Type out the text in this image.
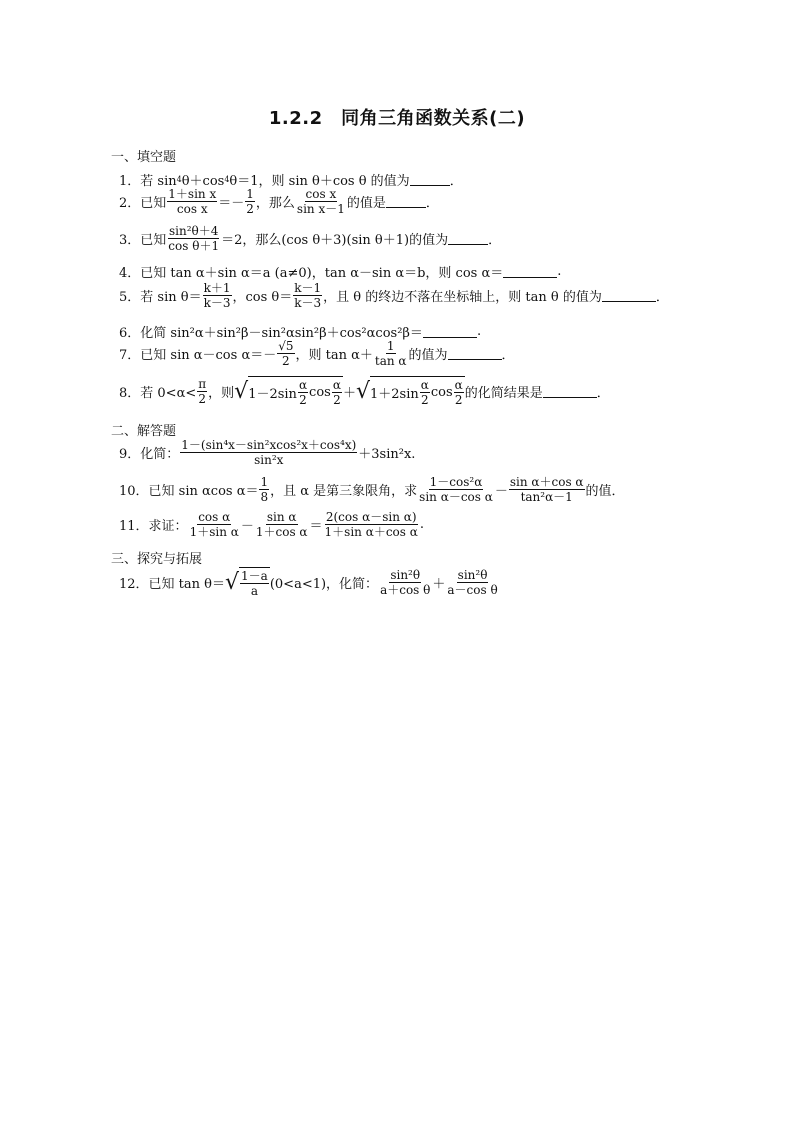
1.2.2　同角三角函数关系(二)
一、填空题
1． 若 sin 4 θ＋cos 4 θ＝1，则 sin θ＋cos θ 的值为	．
2． 已知 $\frac{\text{1＋sin x}}{\text{cos x}} =- \frac{1}{2}$ ，那么 $\frac{\text{cos x}}{\text{sin x－1}}$ 的值是	．
3． 已知 $\frac{\text{sin²θ＋4}}{\text{cos θ＋1}} =2$，那么(cos θ＋3)(sin θ＋1)的值为	．
4． 已知 tan α＋sin α＝a (a≠0)，tan α－sin α＝b，则 cos α＝	.
5． 若 $\sin \theta= \frac{k+1}{k-3}$ ，$\cos \theta= \frac{k-1}{k-3}$ ，且 θ 的终边不落在坐标轴上，则 tan θ 的值为	．
6． 化简 sin²α＋sin²β－sin²αsin²β＋cos²αcos²β＝	.
7． 已知 sin α－cos $\alpha=- \frac{√5}{2}$ ，则 $\tan \alpha+ \frac{1}{\text{tan α}}$ 的值为	．
8． 若 $0<\alpha< \frac{\pi}{2}$ ，则 √ $1-2\sin \frac{\alpha}{2}$ $\cos \frac{\alpha}{2}$ ＋ √ $1+2\sin \frac{\alpha}{2}$ $\cos \frac{\alpha}{2}$ 的化简结果是	．
二、解答题
9． 化简： $\frac{\text{1－(sin⁴x－sin²xcos²x＋cos⁴x)}}{\text{sin²x}} +3\sin^2x$.
10． 已知 sin αcos $\alpha= \frac{1}{8}$ ，且 α 是第三象限角，求 $\frac{\text{1－cos²α}}{\text{sin α－cos α}} - \frac{\text{sin α＋cos α}}{\text{tan²α－1}}$ 的值．
11． 求证： $\frac{\text{cos α}}{\text{1＋sin α}} - \frac{\text{sin α}}{\text{1＋cos α}} = \frac{\text{2(cos α－sin α)}}{\text{1＋sin α＋cos α}}$ .
三、探究与拓展
12． 已知 tan θ＝ √ $\frac{1-a}{a} (0<a<1)$，化简： $\frac{\text{sin²θ}}{\text{a＋cos θ}} + \frac{\text{sin²θ}}{\text{a－cos θ}}$
